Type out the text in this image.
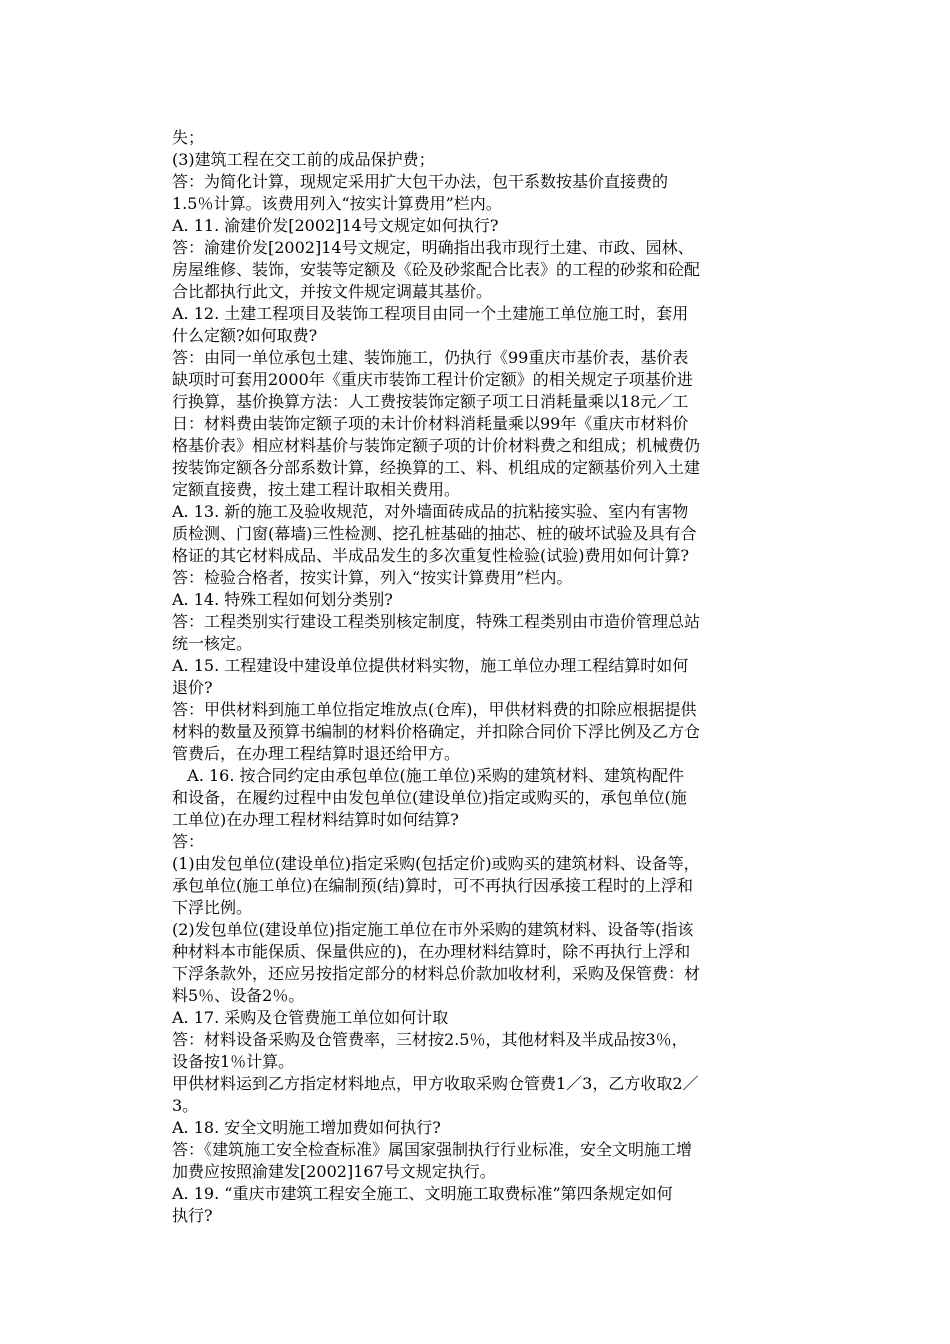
失；
(3)建筑工程在交工前的成品保护费；
答：为简化计算，现规定采用扩大包干办法，包干系数按基价直接费的
1.5％计算。该费用列入“按实计算费用”栏内。
A. 11. 渝建价发[2002]14号文规定如何执行?
答：渝建价发[2002]14号文规定，明确指出我市现行土建、市政、园林、
房屋维修、装饰，安装等定额及《砼及砂浆配合比表》的工程的砂浆和砼配
合比都执行此文，并按文件规定调蕞其基价。
A. 12. 土建工程项目及装饰工程项目由同一个土建施工单位施工时，套用
什么定额?如何取费?
答：由同一单位承包土建、装饰施工，仍执行《99重庆市基价表，基价表
缺项时可套用2000年《重庆市装饰工程计价定额》的相关规定子项基价进
行换算，基价换算方法：人工费按装饰定额子项工日消耗量乘以18元／工
日：材料费由装饰定额子项的未计价材料消耗量乘以99年《重庆市材料价
格基价表》相应材料基价与装饰定额子项的计价材料费之和组成；机械费仍
按装饰定额各分部系数计算，经换算的工、料、机组成的定额基价列入土建
定额直接费，按土建工程计取相关费用。
A. 13. 新的施工及验收规范，对外墙面砖成品的抗粘接实验、室内有害物
质检测、门窗(幕墙)三性检测、挖孔桩基础的抽芯、桩的破坏试验及具有合
格证的其它材料成品、半成品发生的多次重复性检验(试验)费用如何计算?
答：检验合格者，按实计算，列入“按实计算费用”栏内。
A. 14. 特殊工程如何划分类别?
答：工程类别实行建设工程类别核定制度，特殊工程类别由市造价管理总站
统一核定。
A. 15. 工程建设中建设单位提供材料实物，施工单位办理工程结算时如何
退价?
答：甲供材料到施工单位指定堆放点(仓库)，甲供材料费的扣除应根据提供
材料的数量及预算书编制的材料价格确定，并扣除合同价下浮比例及乙方仓
管费后，在办理工程结算时退还给甲方。
A. 16. 按合同约定由承包单位(施工单位)采购的建筑材料、建筑构配件
和设备，在履约过程中由发包单位(建设单位)指定或购买的，承包单位(施
工单位)在办理工程材料结算时如何结算?
答：
(1)由发包单位(建设单位)指定采购(包括定价)或购买的建筑材料、设备等，
承包单位(施工单位)在编制预(结)算时，可不再执行因承接工程时的上浮和
下浮比例。
(2)发包单位(建设单位)指定施工单位在市外采购的建筑材料、设备等(指该
种材料本市能保质、保量供应的)，在办理材料结算时，除不再执行上浮和
下浮条款外，还应另按指定部分的材料总价款加收材利，采购及保管费：材
料5％、设备2％。
A. 17. 采购及仓管费施工单位如何计取
答：材料设备采购及仓管费率，三材按2.5％，其他材料及半成品按3％，
设备按1％计算。
甲供材料运到乙方指定材料地点，甲方收取采购仓管费1／3，乙方收取2／
3。
A. 18. 安全文明施工增加费如何执行?
答：《建筑施工安全检查标准》属国家强制执行行业标准，安全文明施工增
加费应按照渝建发[2002]167号文规定执行。
A. 19. “重庆市建筑工程安全施工、文明施工取费标准”第四条规定如何
执行?
